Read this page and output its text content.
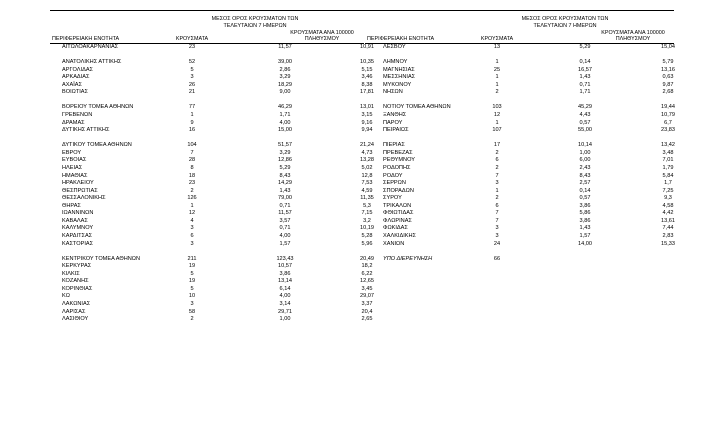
ΠΕΡΙΦΕΡΕΙΑΚΗ ΕΝΟΤΗΤΑ	ΚΡΟΥΣΜΑΤΑ
ΜΕΣΟΣ ΟΡΟΣ ΚΡΟΥΣΜΑΤΩΝ ΤΩΝ ΤΕΛΕΥΤΑΙΩΝ 7 ΗΜΕΡΩΝ
ΚΡΟΥΣΜΑΤΑ ΑΝΑ 100000 ΠΛΗΘΥΣΜΟΥ
ΑΙΤΩΛΟΑΚΑΡΝΑΝΙΑΣ	23	11,57	10,91
ΑΝΑΤΟΛΙΚΗΣ ΑΤΤΙΚΗΣ	52	39,00	10,35
ΑΡΓΟΛΙΔΑΣ	5	2,86	5,15
ΑΡΚΑΔΙΑΣ	3	3,29	3,46
ΑΧΑΪΑΣ	26	18,29	8,38
ΒΟΙΩΤΙΑΣ	21	9,00	17,81
ΒΟΡΕΙΟΥ ΤΟΜΕΑ ΑΘΗΝΩΝ	77	46,29	13,01
ΓΡΕΒΕΝΩΝ	1	1,71	3,15
ΔΡΑΜΑΣ	9	4,00	9,16
ΔΥΤΙΚΗΣ ΑΤΤΙΚΗΣ	16	15,00	9,94
ΔΥΤΙΚΟΥ ΤΟΜΕΑ ΑΘΗΝΩΝ	104	51,57	21,24
ΕΒΡΟΥ	7	3,29	4,73
ΕΥΒΟΙΑΣ	28	12,86	13,28
ΗΛΕΙΑΣ	8	5,29	5,02
ΗΜΑΘΙΑΣ	18	8,43	12,8
ΗΡΑΚΛΕΙΟΥ	23	14,29	7,53
ΘΕΣΠΡΩΤΙΑΣ	2	1,43	4,59
ΘΕΣΣΑΛΟΝΙΚΗΣ	126	79,00	11,35
ΘΗΡΑΣ	1	0,71	5,3
ΙΩΑΝΝΙΝΩΝ	12	11,57	7,15
ΚΑΒΑΛΑΣ	4	3,57	3,2
ΚΑΛΥΜΝΟΥ	3	0,71	10,19
ΚΑΡΔΙΤΣΑΣ	6	4,00	5,28
ΚΑΣΤΟΡΙΑΣ	3	1,57	5,96
ΚΕΝΤΡΙΚΟΥ ΤΟΜΕΑ ΑΘΗΝΩΝ	211	123,43	20,49
ΚΕΡΚΥΡΑΣ	19	10,57	18,2
ΚΙΛΚΙΣ	5	3,86	6,22
ΚΟΖΑΝΗΣ	19	13,14	12,65
ΚΟΡΙΝΘΙΑΣ	5	6,14	3,45
ΚΩ	10	4,00	29,07
ΛΑΚΩΝΙΑΣ	3	3,14	3,37
ΛΑΡΙΣΑΣ	58	29,71	20,4
ΛΑΣΙΘΙΟΥ	2	1,00	2,65
ΠΕΡΙΦΕΡΕΙΑΚΗ ΕΝΟΤΗΤΑ	ΚΡΟΥΣΜΑΤΑ
ΜΕΣΟΣ ΟΡΟΣ ΚΡΟΥΣΜΑΤΩΝ ΤΩΝ ΤΕΛΕΥΤΑΙΩΝ 7 ΗΜΕΡΩΝ
ΚΡΟΥΣΜΑΤΑ ΑΝΑ 100000 ΠΛΗΘΥΣΜΟΥ
ΛΕΣΒΟΥ	13	5,29	15,04
ΛΗΜΝΟΥ	1	0,14	5,79
ΜΑΓΝΗΣΙΑΣ	25	16,57	13,16
ΜΕΣΣΗΝΙΑΣ	1	1,43	0,63
ΜΥΚΟΝΟΥ	1	0,71	9,87
ΝΗΣΩΝ	2	1,71	2,68
ΝΟΤΙΟΥ ΤΟΜΕΑ ΑΘΗΝΩΝ	103	45,29	19,44
ΞΑΝΘΗΣ	12	4,43	10,79
ΠΑΡΟΥ	1	0,57	6,7
ΠΕΙΡΑΙΩΣ	107	55,00	23,83
ΠΙΕΡΙΑΣ	17	10,14	13,42
ΠΡΕΒΕΖΑΣ	2	1,00	3,48
ΡΕΘΥΜΝΟΥ	6	6,00	7,01
ΡΟΔΟΠΗΣ	2	2,43	1,79
ΡΟΔΟΥ	7	8,43	5,84
ΣΕΡΡΩΝ	3	2,57	1,7
ΣΠΟΡΑΔΩΝ	1	0,14	7,25
ΣΥΡΟΥ	2	0,57	9,3
ΤΡΙΚΑΛΩΝ	6	3,86	4,58
ΦΘΙΩΤΙΔΑΣ	7	5,86	4,42
ΦΛΩΡΙΝΑΣ	7	3,86	13,61
ΦΩΚΙΔΑΣ	3	1,43	7,44
ΧΑΛΚΙΔΙΚΗΣ	3	1,57	2,83
ΧΑΝΙΩΝ	24	14,00	15,33
ΥΠΟ ΔΙΕΡΕΥΝΗΣΗ	66
